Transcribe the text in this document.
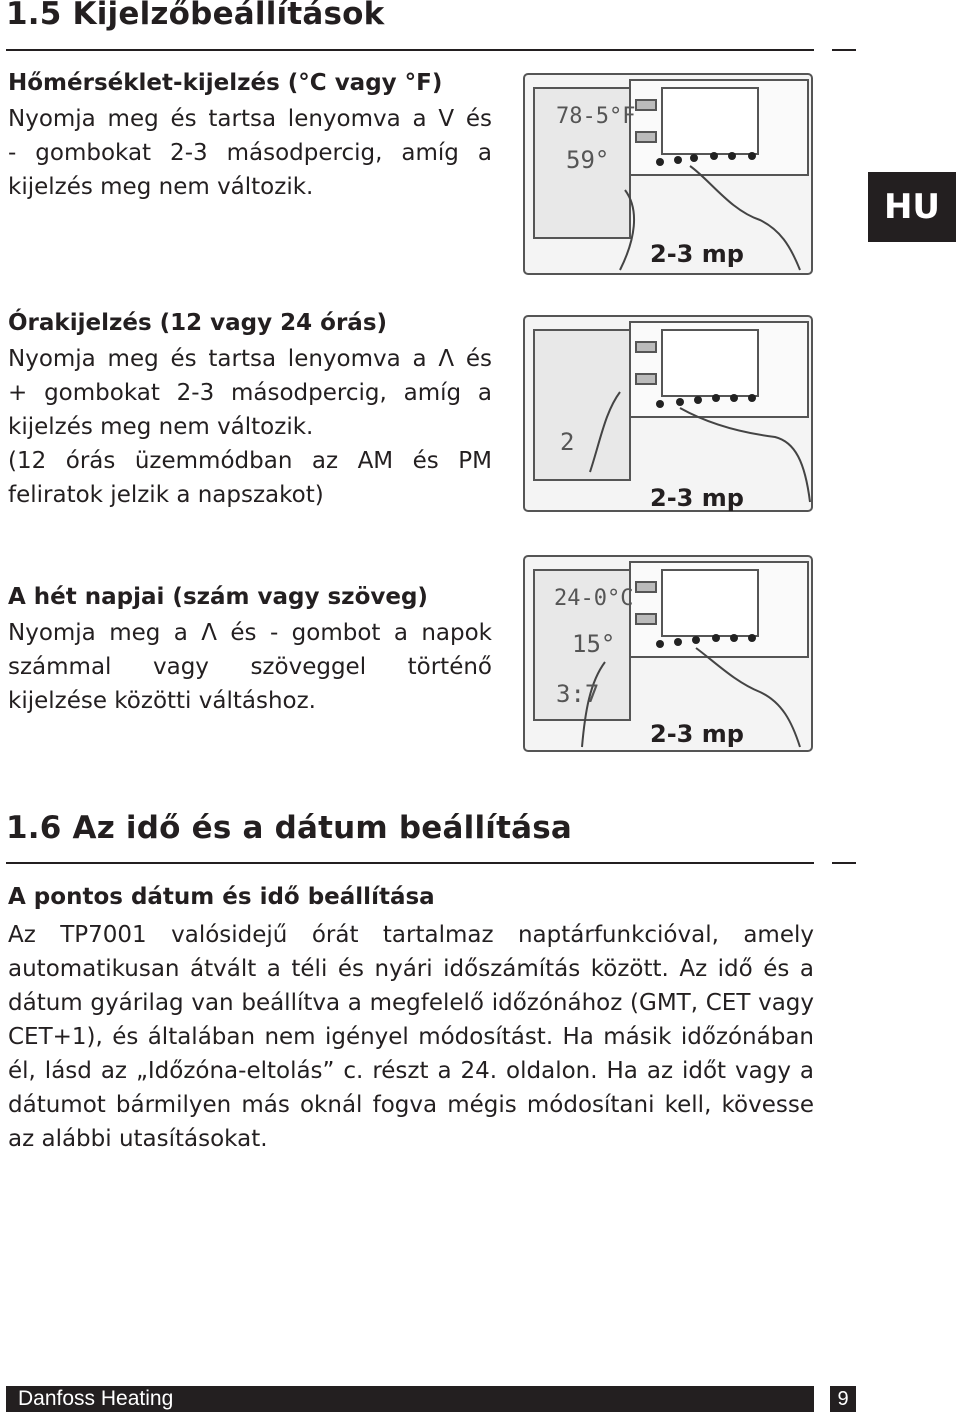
1.5 Kijelzőbeállítások
HU
Hőmérséklet-kijelzés (°C vagy °F)
Nyomja meg és tartsa lenyomva a V és
- gombokat 2-3 másodpercig, amíg a
kijelzés meg nem változik.
78-5°F
59°
2-3 mp
Órakijelzés (12 vagy 24 órás)
Nyomja meg és tartsa lenyomva a Λ és
+ gombokat 2-3 másodpercig, amíg a
kijelzés meg nem változik.
(12 órás üzemmódban az AM és PM
feliratok jelzik a napszakot)
2
2-3 mp
A hét napjai (szám vagy szöveg)
Nyomja meg a Λ és - gombot a napok
számmal vagy szöveggel történő
kijelzése közötti váltáshoz.
24-0°C
15°
3:7
2-3 mp
1.6 Az idő és a dátum beállítása
A pontos dátum és idő beállítása
Az TP7001 valósidejű órát tartalmaz naptárfunkcióval, amely
automatikusan átvált a téli és nyári időszámítás között. Az idő és a
dátum gyárilag van beállítva a megfelelő időzónához (GMT, CET vagy
CET+1), és általában nem igényel módosítást. Ha másik időzónában
él, lásd az „Időzóna-eltolás” c. részt a 24. oldalon. Ha az időt vagy a
dátumot bármilyen más oknál fogva mégis módosítani kell, kövesse
az alábbi utasításokat.
Danfoss Heating	9
